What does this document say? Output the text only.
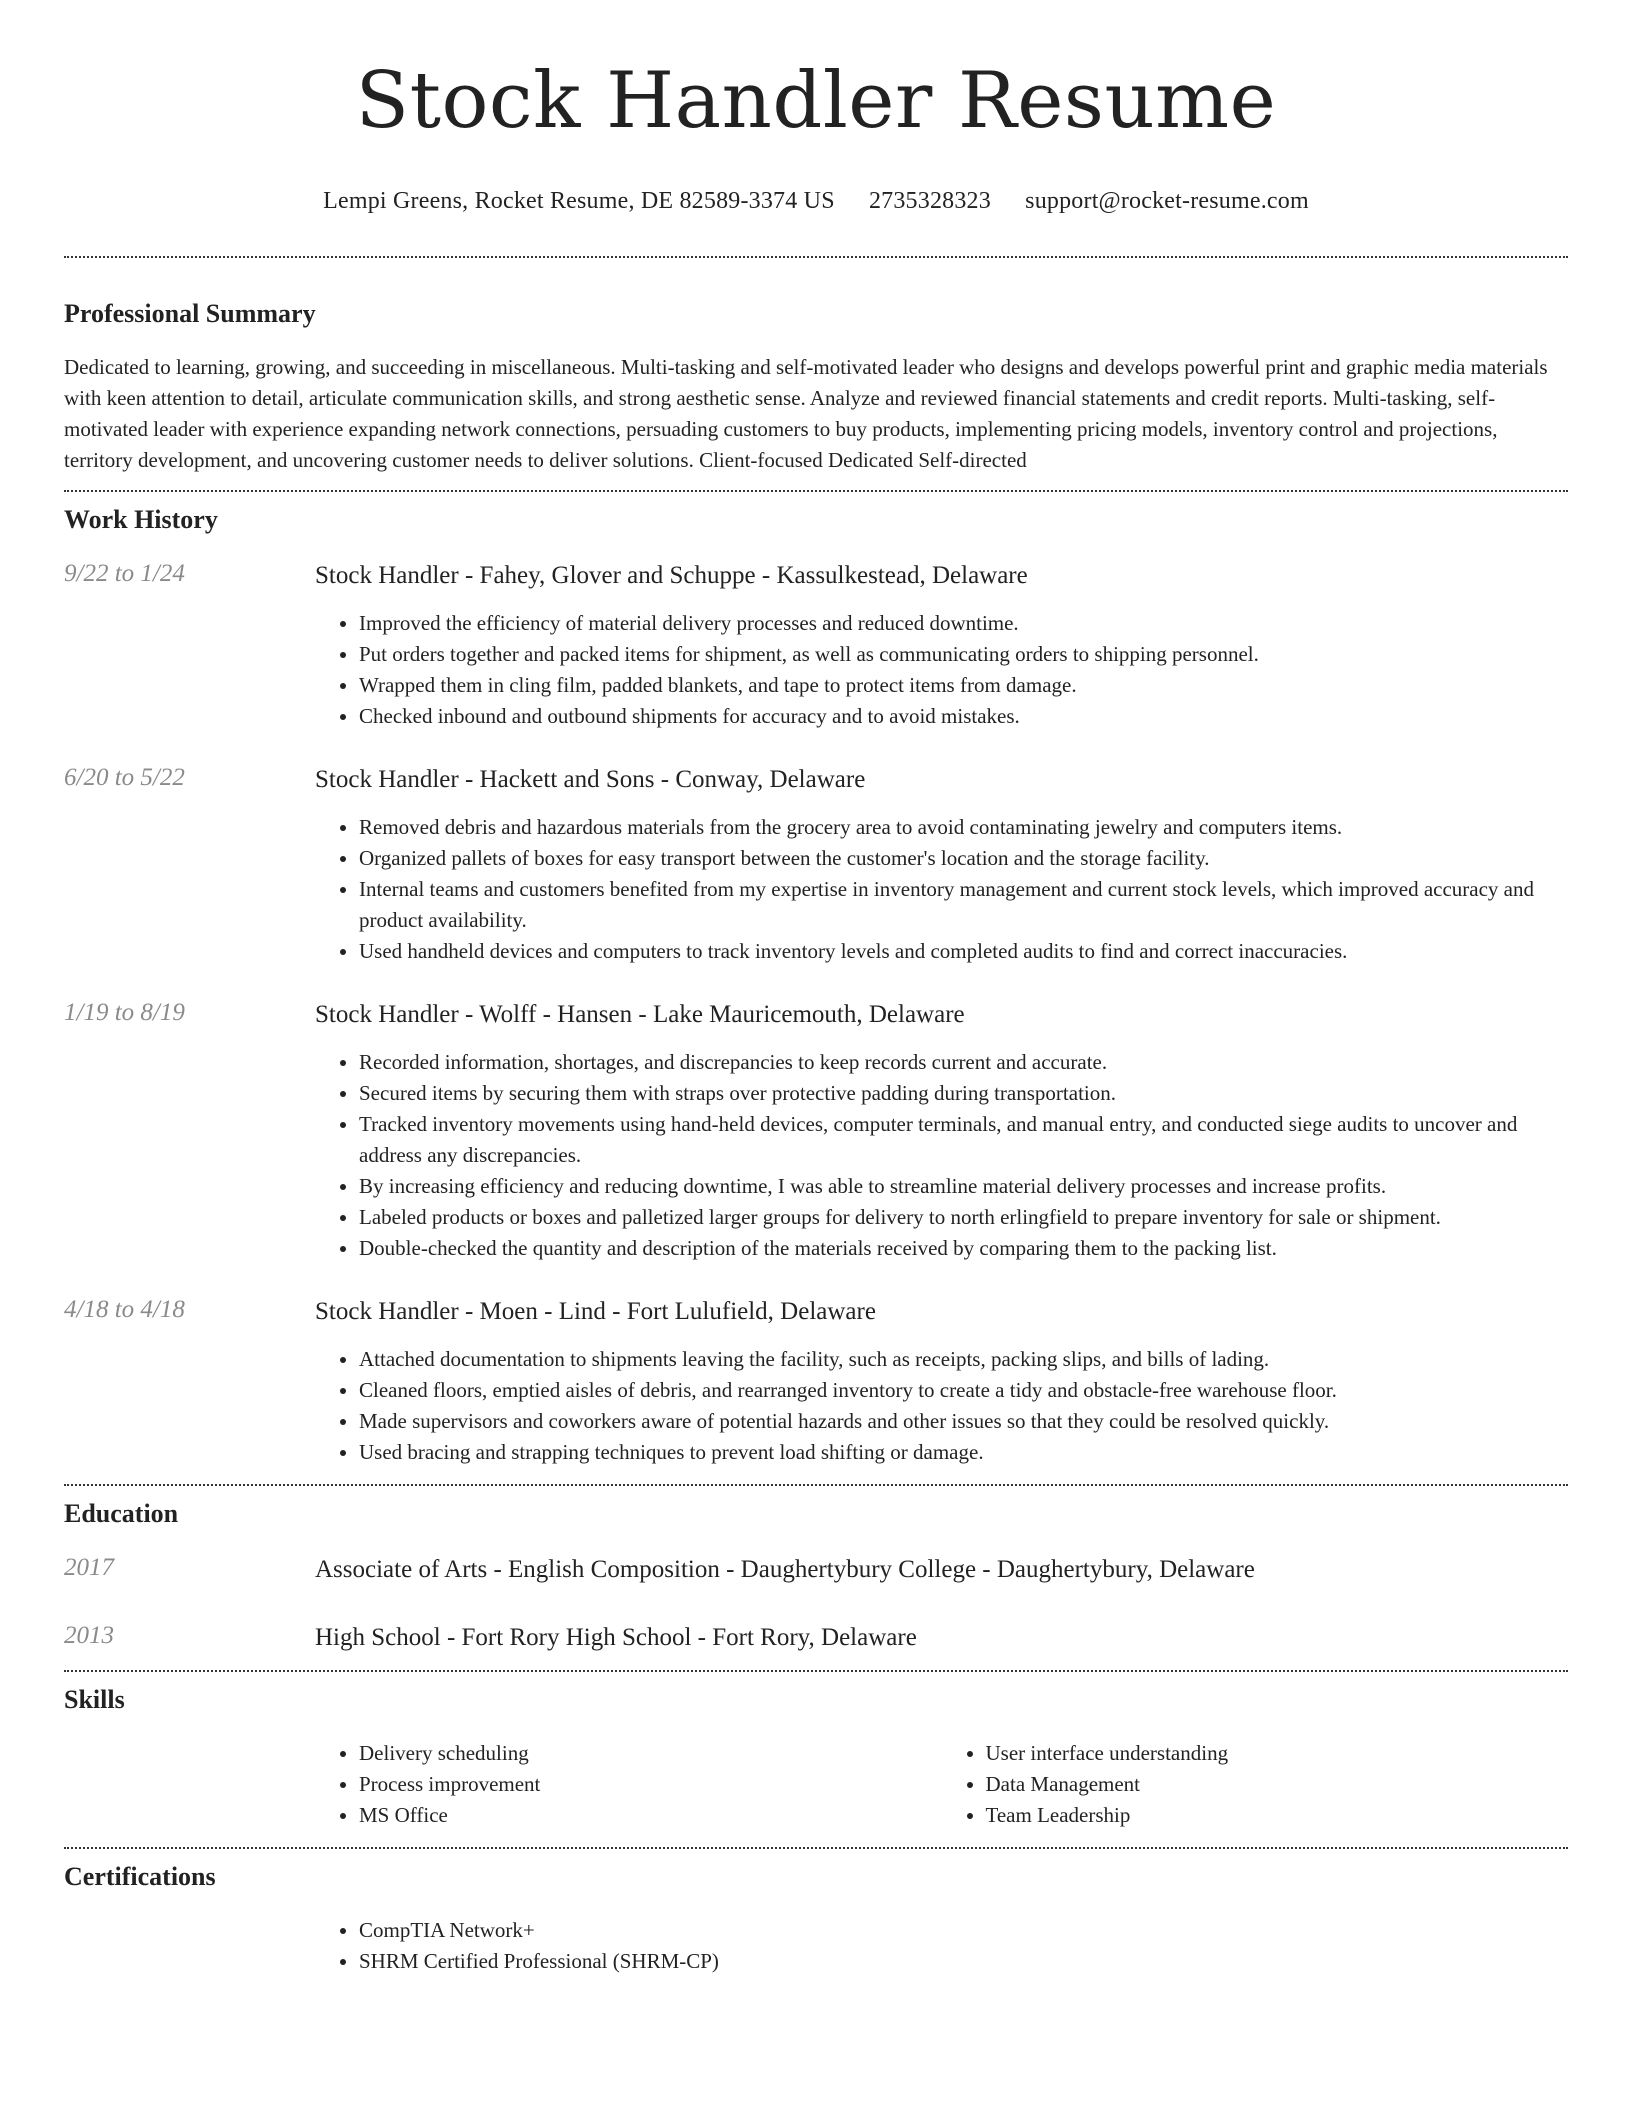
Stock Handler Resume
Lempi Greens, Rocket Resume, DE 82589-3374 US 2735328323 support@rocket-resume.com
Professional Summary

Dedicated to learning, growing, and succeeding in miscellaneous. Multi-tasking and self-motivated leader who designs and develops powerful print and graphic media materials with keen attention to detail, articulate communication skills, and strong aesthetic sense. Analyze and reviewed financial statements and credit reports. Multi-tasking, self-motivated leader with experience expanding network connections, persuading customers to buy products, implementing pricing models, inventory control and projections, territory development, and uncovering customer needs to deliver solutions. Client-focused Dedicated Self-directed

Work History
9/22 to 1/24	Stock Handler - Fahey, Glover and Schuppe - Kassulkestead, Delaware

• Improved the efficiency of material delivery processes and reduced downtime.
• Put orders together and packed items for shipment, as well as communicating orders to shipping personnel.
• Wrapped them in cling film, padded blankets, and tape to protect items from damage.
• Checked inbound and outbound shipments for accuracy and to avoid mistakes.
6/20 to 5/22	Stock Handler - Hackett and Sons - Conway, Delaware

• Removed debris and hazardous materials from the grocery area to avoid contaminating jewelry and computers items.
• Organized pallets of boxes for easy transport between the customer's location and the storage facility.
• Internal teams and customers benefited from my expertise in inventory management and current stock levels, which improved accuracy and product availability.
• Used handheld devices and computers to track inventory levels and completed audits to find and correct inaccuracies.
1/19 to 8/19	Stock Handler - Wolff - Hansen - Lake Mauricemouth, Delaware

• Recorded information, shortages, and discrepancies to keep records current and accurate.
• Secured items by securing them with straps over protective padding during transportation.
• Tracked inventory movements using hand-held devices, computer terminals, and manual entry, and conducted siege audits to uncover and address any discrepancies.
• By increasing efficiency and reducing downtime, I was able to streamline material delivery processes and increase profits.
• Labeled products or boxes and palletized larger groups for delivery to north erlingfield to prepare inventory for sale or shipment.
• Double-checked the quantity and description of the materials received by comparing them to the packing list.
4/18 to 4/18	Stock Handler - Moen - Lind - Fort Lulufield, Delaware

• Attached documentation to shipments leaving the facility, such as receipts, packing slips, and bills of lading.
• Cleaned floors, emptied aisles of debris, and rearranged inventory to create a tidy and obstacle-free warehouse floor.
• Made supervisors and coworkers aware of potential hazards and other issues so that they could be resolved quickly.
• Used bracing and strapping techniques to prevent load shifting or damage.
Education
2017	Associate of Arts - English Composition - Daughertybury College - Daughertybury, Delaware

2013	High School - Fort Rory High School - Fort Rory, Delaware

Skills
• Delivery scheduling
• Process improvement
• MS Office
• User interface understanding
• Data Management
• Team Leadership
Certifications
• CompTIA Network+
• SHRM Certified Professional (SHRM-CP)
